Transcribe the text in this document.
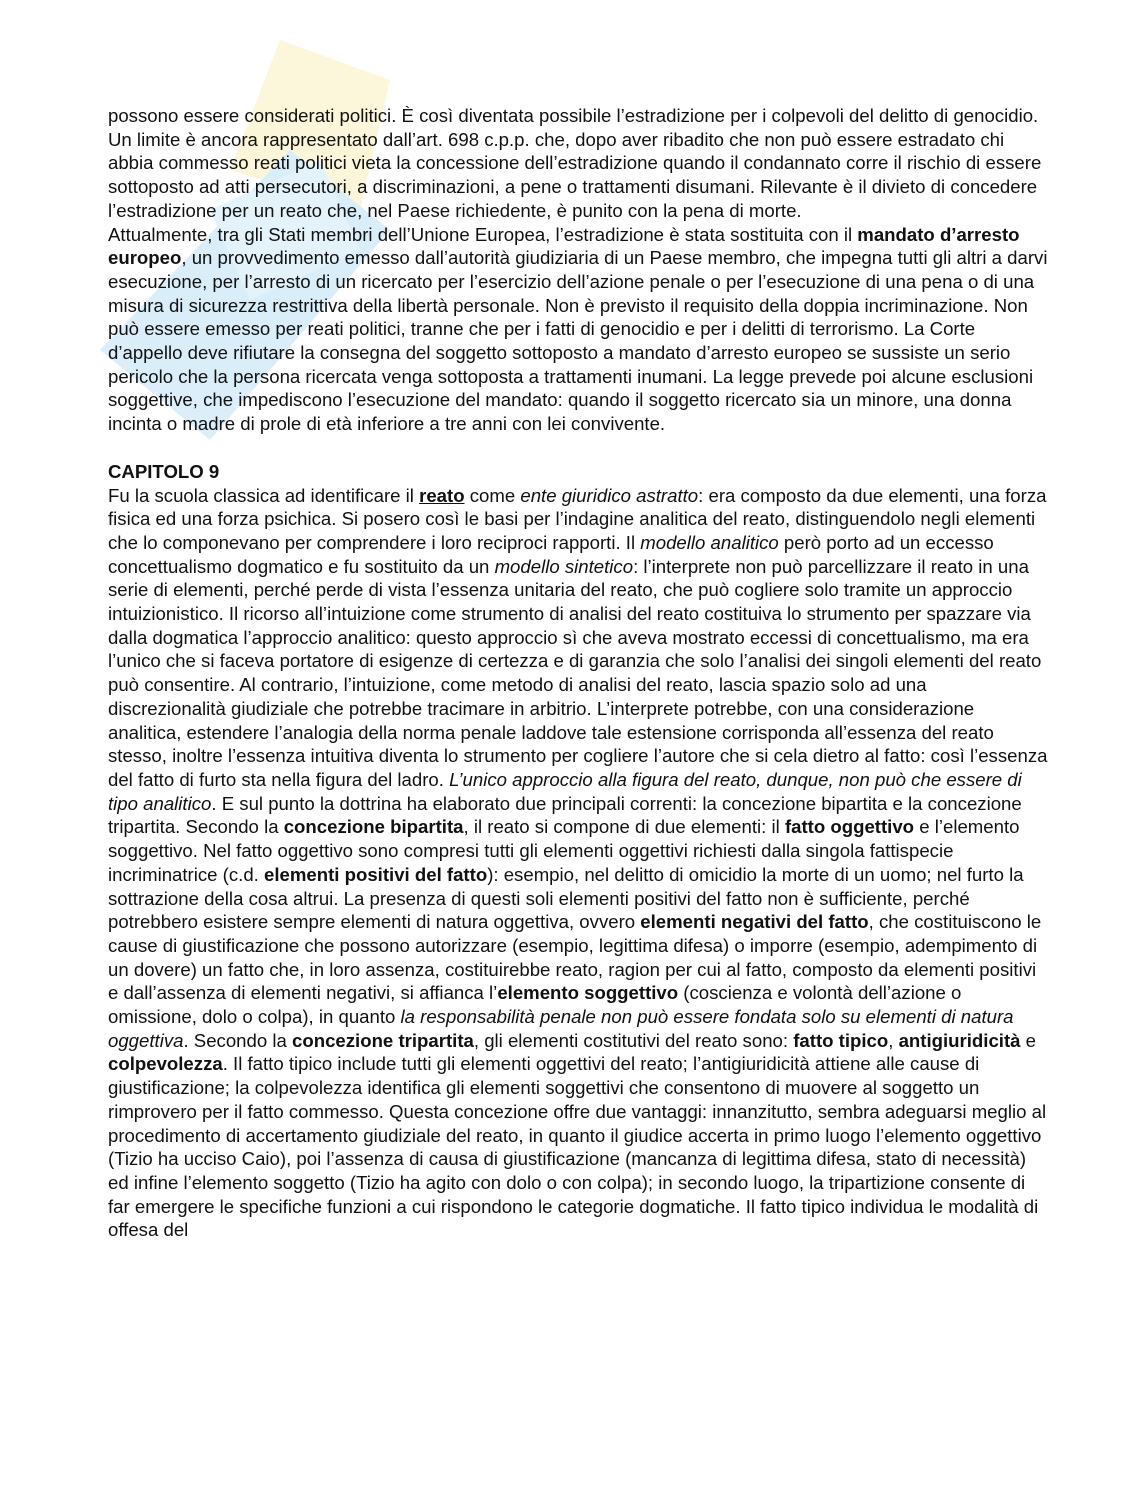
possono essere considerati politici. È così diventata possibile l’estradizione per i colpevoli del delitto di genocidio. Un limite è ancora rappresentato dall’art. 698 c.p.p. che, dopo aver ribadito che non può essere estradato chi abbia commesso reati politici vieta la concessione dell’estradizione quando il condannato corre il rischio di essere sottoposto ad atti persecutori, a discriminazioni, a pene o trattamenti disumani. Rilevante è il divieto di concedere l’estradizione per un reato che, nel Paese richiedente, è punito con la pena di morte.

Attualmente, tra gli Stati membri dell’Unione Europea, l’estradizione è stata sostituita con il mandato d’arresto europeo, un provvedimento emesso dall’autorità giudiziaria di un Paese membro, che impegna tutti gli altri a darvi esecuzione, per l’arresto di un ricercato per l’esercizio dell’azione penale o per l’esecuzione di una pena o di una misura di sicurezza restrittiva della libertà personale. Non è previsto il requisito della doppia incriminazione. Non può essere emesso per reati politici, tranne che per i fatti di genocidio e per i delitti di terrorismo. La Corte d’appello deve rifiutare la consegna del soggetto sottoposto a mandato d’arresto europeo se sussiste un serio pericolo che la persona ricercata venga sottoposta a trattamenti inumani. La legge prevede poi alcune esclusioni soggettive, che impediscono l’esecuzione del mandato: quando il soggetto ricercato sia un minore, una donna incinta o madre di prole di età inferiore a tre anni con lei convivente.

CAPITOLO 9

Fu la scuola classica ad identificare il reato come ente giuridico astratto: era composto da due elementi, una forza fisica ed una forza psichica. Si posero così le basi per l’indagine analitica del reato, distinguendolo negli elementi che lo componevano per comprendere i loro reciproci rapporti. Il modello analitico però porto ad un eccesso concettualismo dogmatico e fu sostituito da un modello sintetico: l’interprete non può parcellizzare il reato in una serie di elementi, perché perde di vista l’essenza unitaria del reato, che può cogliere solo tramite un approccio intuizionistico. Il ricorso all’intuizione come strumento di analisi del reato costituiva lo strumento per spazzare via dalla dogmatica l’approccio analitico: questo approccio sì che aveva mostrato eccessi di concettualismo, ma era l’unico che si faceva portatore di esigenze di certezza e di garanzia che solo l’analisi dei singoli elementi del reato può consentire. Al contrario, l’intuizione, come metodo di analisi del reato, lascia spazio solo ad una discrezionalità giudiziale che potrebbe tracimare in arbitrio. L’interprete potrebbe, con una considerazione analitica, estendere l’analogia della norma penale laddove tale estensione corrisponda all’essenza del reato stesso, inoltre l’essenza intuitiva diventa lo strumento per cogliere l’autore che si cela dietro al fatto: così l’essenza del fatto di furto sta nella figura del ladro. L’unico approccio alla figura del reato, dunque, non può che essere di tipo analitico. E sul punto la dottrina ha elaborato due principali correnti: la concezione bipartita e la concezione tripartita. Secondo la concezione bipartita, il reato si compone di due elementi: il fatto oggettivo e l’elemento soggettivo. Nel fatto oggettivo sono compresi tutti gli elementi oggettivi richiesti dalla singola fattispecie incriminatrice (c.d. elementi positivi del fatto): esempio, nel delitto di omicidio la morte di un uomo; nel furto la sottrazione della cosa altrui. La presenza di questi soli elementi positivi del fatto non è sufficiente, perché potrebbero esistere sempre elementi di natura oggettiva, ovvero elementi negativi del fatto, che costituiscono le cause di giustificazione che possono autorizzare (esempio, legittima difesa) o imporre (esempio, adempimento di un dovere) un fatto che, in loro assenza, costituirebbe reato, ragion per cui al fatto, composto da elementi positivi e dall’assenza di elementi negativi, si affianca l’elemento soggettivo (coscienza e volontà dell’azione o omissione, dolo o colpa), in quanto la responsabilità penale non può essere fondata solo su elementi di natura oggettiva. Secondo la concezione tripartita, gli elementi costitutivi del reato sono: fatto tipico, antigiuridicità e colpevolezza. Il fatto tipico include tutti gli elementi oggettivi del reato; l’antigiuridicità attiene alle cause di giustificazione; la colpevolezza identifica gli elementi soggettivi che consentono di muovere al soggetto un rimprovero per il fatto commesso. Questa concezione offre due vantaggi: innanzitutto, sembra adeguarsi meglio al procedimento di accertamento giudiziale del reato, in quanto il giudice accerta in primo luogo l’elemento oggettivo (Tizio ha ucciso Caio), poi l’assenza di causa di giustificazione (mancanza di legittima difesa, stato di necessità) ed infine l’elemento soggetto (Tizio ha agito con dolo o con colpa); in secondo luogo, la tripartizione consente di far emergere le specifiche funzioni a cui rispondono le categorie dogmatiche. Il fatto tipico individua le modalità di offesa del
